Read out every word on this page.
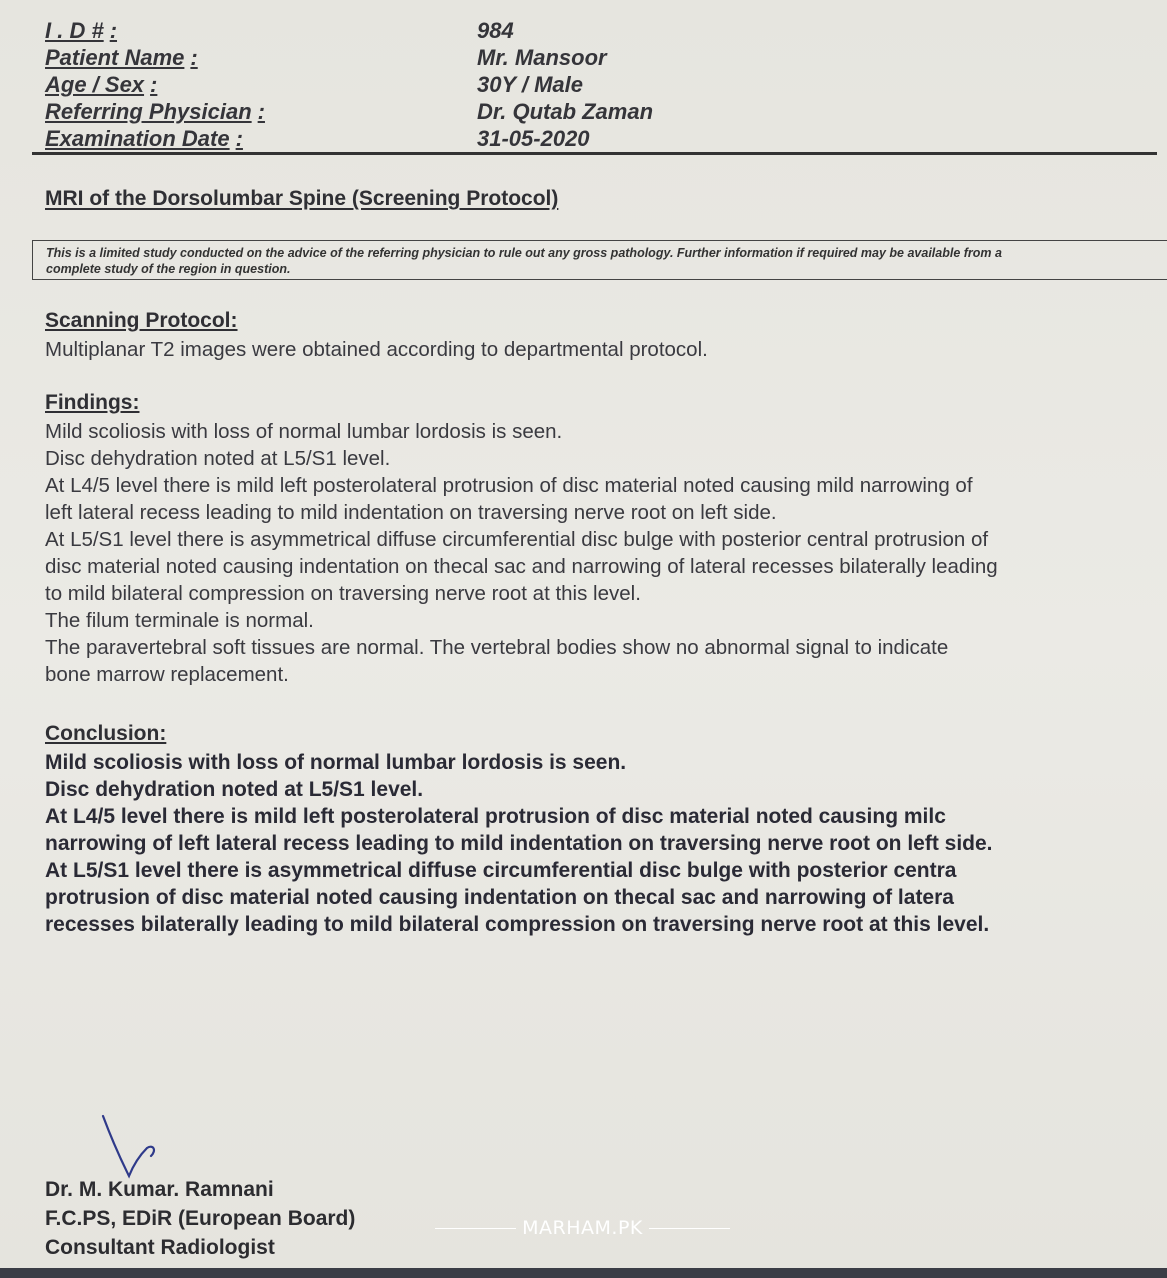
I . D # :	984
Patient Name :	Mr. Mansoor
Age / Sex :	30Y / Male
Referring Physician :	Dr. Qutab Zaman
Examination Date :	31-05-2020
MRI of the Dorsolumbar Spine (Screening Protocol)
This is a limited study conducted on the advice of the referring physician to rule out any gross pathology. Further information if required may be available from a
complete study of the region in question.
Scanning Protocol:
Multiplanar T2 images were obtained according to departmental protocol.
Findings:
Mild scoliosis with loss of normal lumbar lordosis is seen.
Disc dehydration noted at L5/S1 level.
At L4/5 level there is mild left posterolateral protrusion of disc material noted causing mild narrowing of
left lateral recess leading to mild indentation on traversing nerve root on left side.
At L5/S1 level there is asymmetrical diffuse circumferential disc bulge with posterior central protrusion of
disc material noted causing indentation on thecal sac and narrowing of lateral recesses bilaterally leading
to mild bilateral compression on traversing nerve root at this level.
The filum terminale is normal.
The paravertebral soft tissues are normal. The vertebral bodies show no abnormal signal to indicate
bone marrow replacement.
Conclusion:
Mild scoliosis with loss of normal lumbar lordosis is seen.
Disc dehydration noted at L5/S1 level.
At L4/5 level there is mild left posterolateral protrusion of disc material noted causing milc
narrowing of left lateral recess leading to mild indentation on traversing nerve root on left side.
At L5/S1 level there is asymmetrical diffuse circumferential disc bulge with posterior centra
protrusion of disc material noted causing indentation on thecal sac and narrowing of latera
recesses bilaterally leading to mild bilateral compression on traversing nerve root at this level.
Dr. M. Kumar. Ramnani
F.C.PS, EDiR (European Board)
Consultant Radiologist
MARHAM.PK
